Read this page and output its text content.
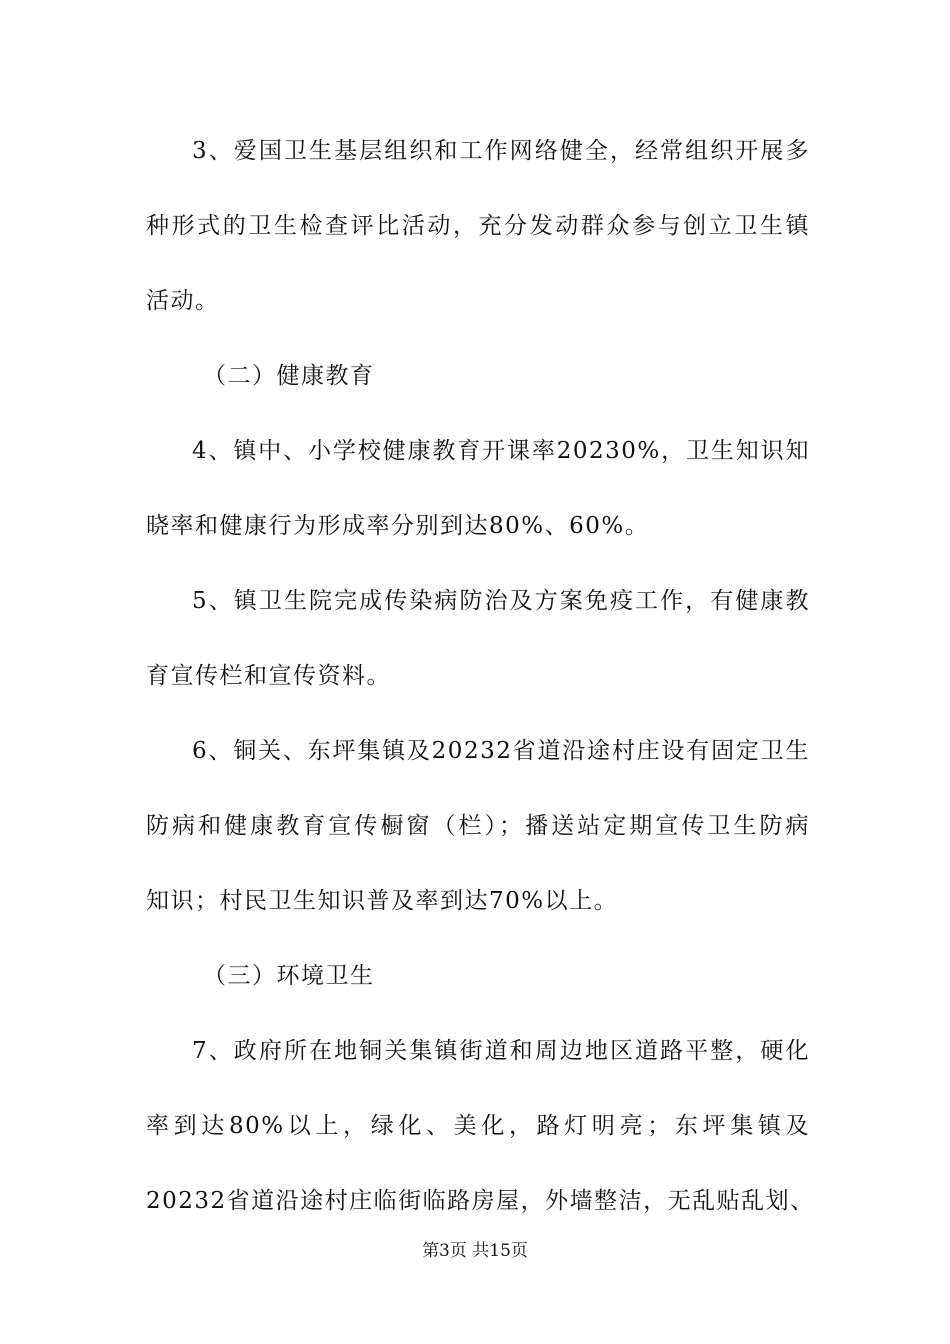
3、爱国卫生基层组织和工作网络健全，经常组织开展多
种形式的卫生检查评比活动，充分发动群众参与创立卫生镇
活动。
（二）健康教育
4、镇中、小学校健康教育开课率20230%，卫生知识知
晓率和健康行为形成率分别到达80%、60%。
5、镇卫生院完成传染病防治及方案免疫工作，有健康教
育宣传栏和宣传资料。
6、铜关、东坪集镇及20232省道沿途村庄设有固定卫生
防病和健康教育宣传橱窗（栏）；播送站定期宣传卫生防病
知识；村民卫生知识普及率到达70%以上。
（三）环境卫生
7、政府所在地铜关集镇街道和周边地区道路平整，硬化
率到达80%以上，绿化、美化，路灯明亮；东坪集镇及
20232省道沿途村庄临街临路房屋，外墙整洁，无乱贴乱划、
第3页 共15页
